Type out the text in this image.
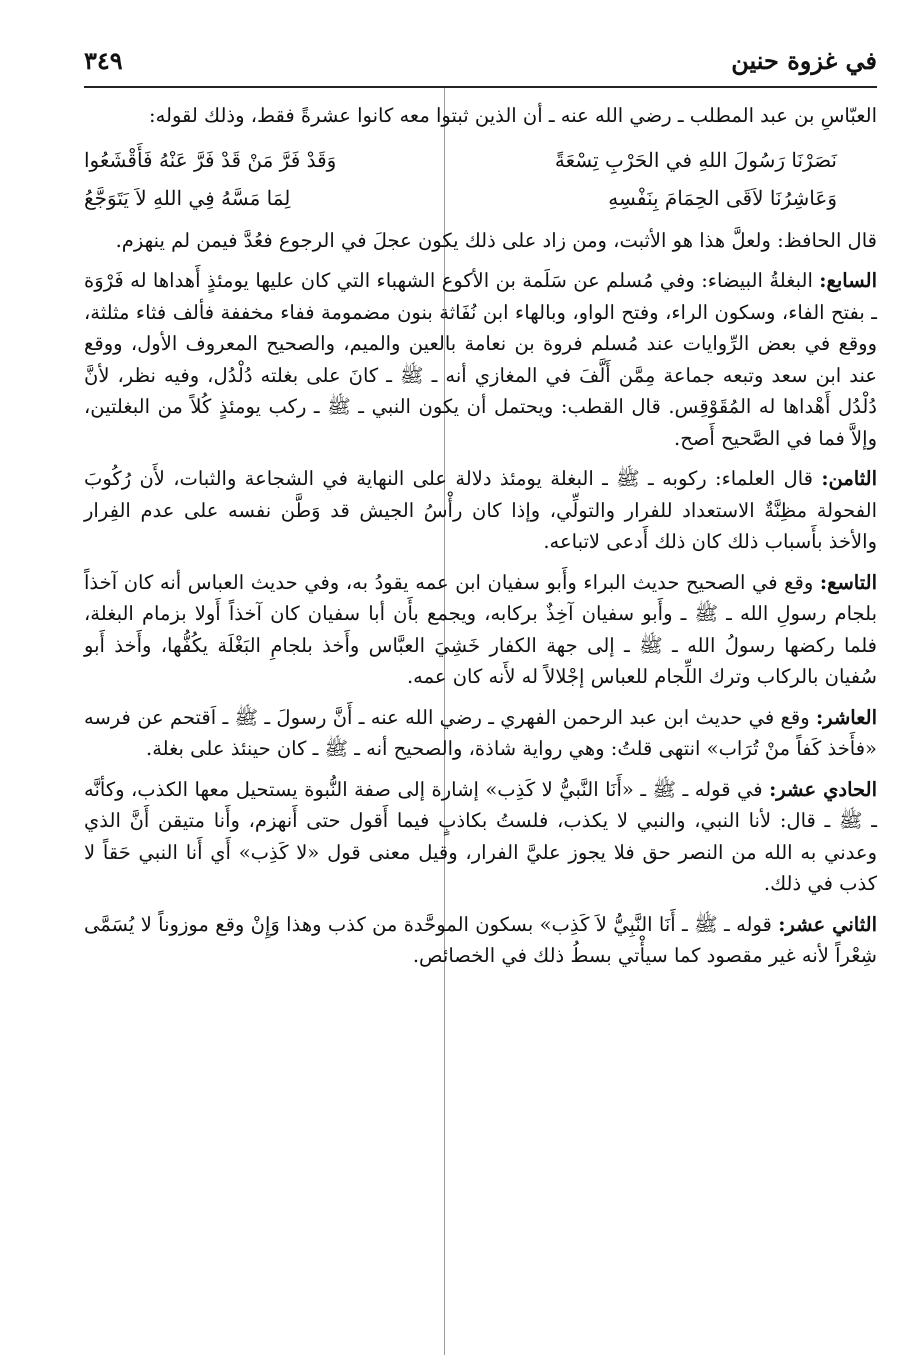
في غزوة حنين
٣٤٩

العبّاسِ بن عبد المطلب ـ رضي الله عنه ـ أن الذين ثبتوا معه كانوا عشرةً فقط، وذلك لقوله:

نَصَرْنَا رَسُولَ اللهِ في الحَرْبِ تِسْعَةً
وَقَدْ فَرَّ مَنْ قَدْ فَرَّ عَنْهُ فَأَقْشَعُوا
وَعَاشِرُنَا لاَقَى الحِمَامَ بِنَفْسِهِ
لِمَا مَسَّهُ فِي اللهِ لاَ يَتَوَجَّعُ

قال الحافظ: ولعلَّ هذا هو الأثبت، ومن زاد على ذلك يكون عجلَ في الرجوع فعُدَّ فيمن لم ينهزم.

السابع: البغلةُ البيضاء: وفي مُسلم عن سَلَمة بن الأكوع الشهباء التي كان عليها يومئذٍ أَهداها له فَرْوَة ـ بفتح الفاء، وسكون الراء، وفتح الواو، وبالهاء ابن نُفَاثة بنون مضمومة ففاء مخففة فألف فثاء مثلثة، ووقع في بعض الرِّوايات عند مُسلم فروة بن نعامة بالعين والميم، والصحيح المعروف الأول، ووقع عند ابن سعد وتبعه جماعة مِمَّن أَلَّفَ في المغازي أنه ـ ﷺ ـ كانَ على بغلته دُلْدُل، وفيه نظر، لأنَّ دُلْدُل أَهْداها له المُقَوْقِس. قال القطب: ويحتمل أن يكون النبي ـ ﷺ ـ ركب يومئذٍ كُلاً من البغلتين، وإلاَّ فما في الصَّحيح أَصح.

الثامن: قال العلماء: ركوبه ـ ﷺ ـ البغلة يومئذ دلالة على النهاية في الشجاعة والثبات، لأَن رُكُوبَ الفحولة مظِنَّةٌ الاستعداد للفرار والتولِّي، وإذا كان رأْسُ الجيش قد وَطَّن نفسه على عدم الفِرار والأخذ بأَسباب ذلك كان ذلك أَدعى لاتباعه.

التاسع: وقع في الصحيح حديث البراء وأَبو سفيان ابن عمه يقودُ به، وفي حديث العباس أنه كان آخذاً بلجام رسولِ الله ـ ﷺ ـ وأَبو سفيان آخِذٌ بركابه، ويجمع بأَن أبا سفيان كان آخذاً أَولا بزمام البغلة، فلما ركضها رسولُ الله ـ ﷺ ـ إلى جهة الكفار خَشِيَ العبَّاس وأَخذ بلجامِ البَغْلَة يكُفُّها، وأَخذ أَبو سُفيان بالركاب وترك اللِّجام للعباس إجْلالاً له لأَنه كان عمه.

العاشر: وقع في حديث ابن عبد الرحمن الفهري ـ رضي الله عنه ـ أَنَّ رسولَ ـ ﷺ ـ اَقتحم عن فرسه «فأَخذ كَفاً منْ تُرَاب» انتهى قلتُ: وهي رواية شاذة، والصحيح أنه ـ ﷺ ـ كان حينئذ على بغلة.

الحادي عشر: في قوله ـ ﷺ ـ «أَنَا النَّبيُّ لا كَذِب» إشارة إلى صفة النُّبوة يستحيل معها الكذب، وكأنَّه ـ ﷺ ـ قال: لأنا النبي، والنبي لا يكذب، فلستُ بكاذبٍ فيما أَقول حتى أَنهزم، وأَنا متيقن أَنَّ الذي وعدني به الله من النصر حق فلا يجوز عليَّ الفرار، وقيل معنى قول «لا كَذِب» أَي أَنا النبي حَقاً لا كذب في ذلك.

الثاني عشر: قوله ـ ﷺ ـ أَنَا النَّبِيُّ لاَ كَذِب» بسكون الموحَّدة من كذب وهذا وَإِنْ وقع موزوناً لا يُسَمَّى شِعْراً لأنه غير مقصود كما سيأْتي بسطُ ذلك في الخصائص.
